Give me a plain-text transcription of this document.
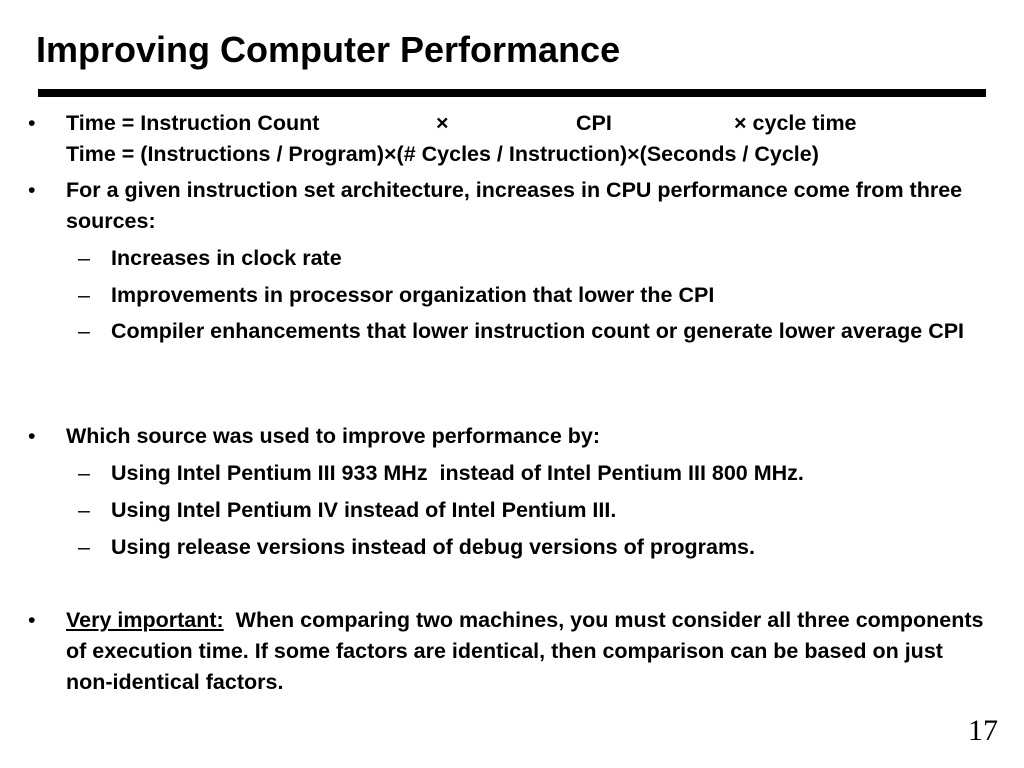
Improving Computer Performance
• Time = Instruction Count	×	CPI	× cycle time
Time = (Instructions / Program)×(# Cycles / Instruction)×(Seconds / Cycle)
• For a given instruction set architecture, increases in CPU performance come from three sources:
– Increases in clock rate
– Improvements in processor organization that lower the CPI
– Compiler enhancements that lower instruction count or generate lower average CPI
• Which source was used to improve performance by:
– Using Intel Pentium III 933 MHz  instead of Intel Pentium III 800 MHz.
– Using Intel Pentium IV instead of Intel Pentium III.
– Using release versions instead of debug versions of programs.
• Very important: When comparing two machines, you must consider all three components of execution time. If some factors are identical, then comparison can be based on just non-identical factors.
17
